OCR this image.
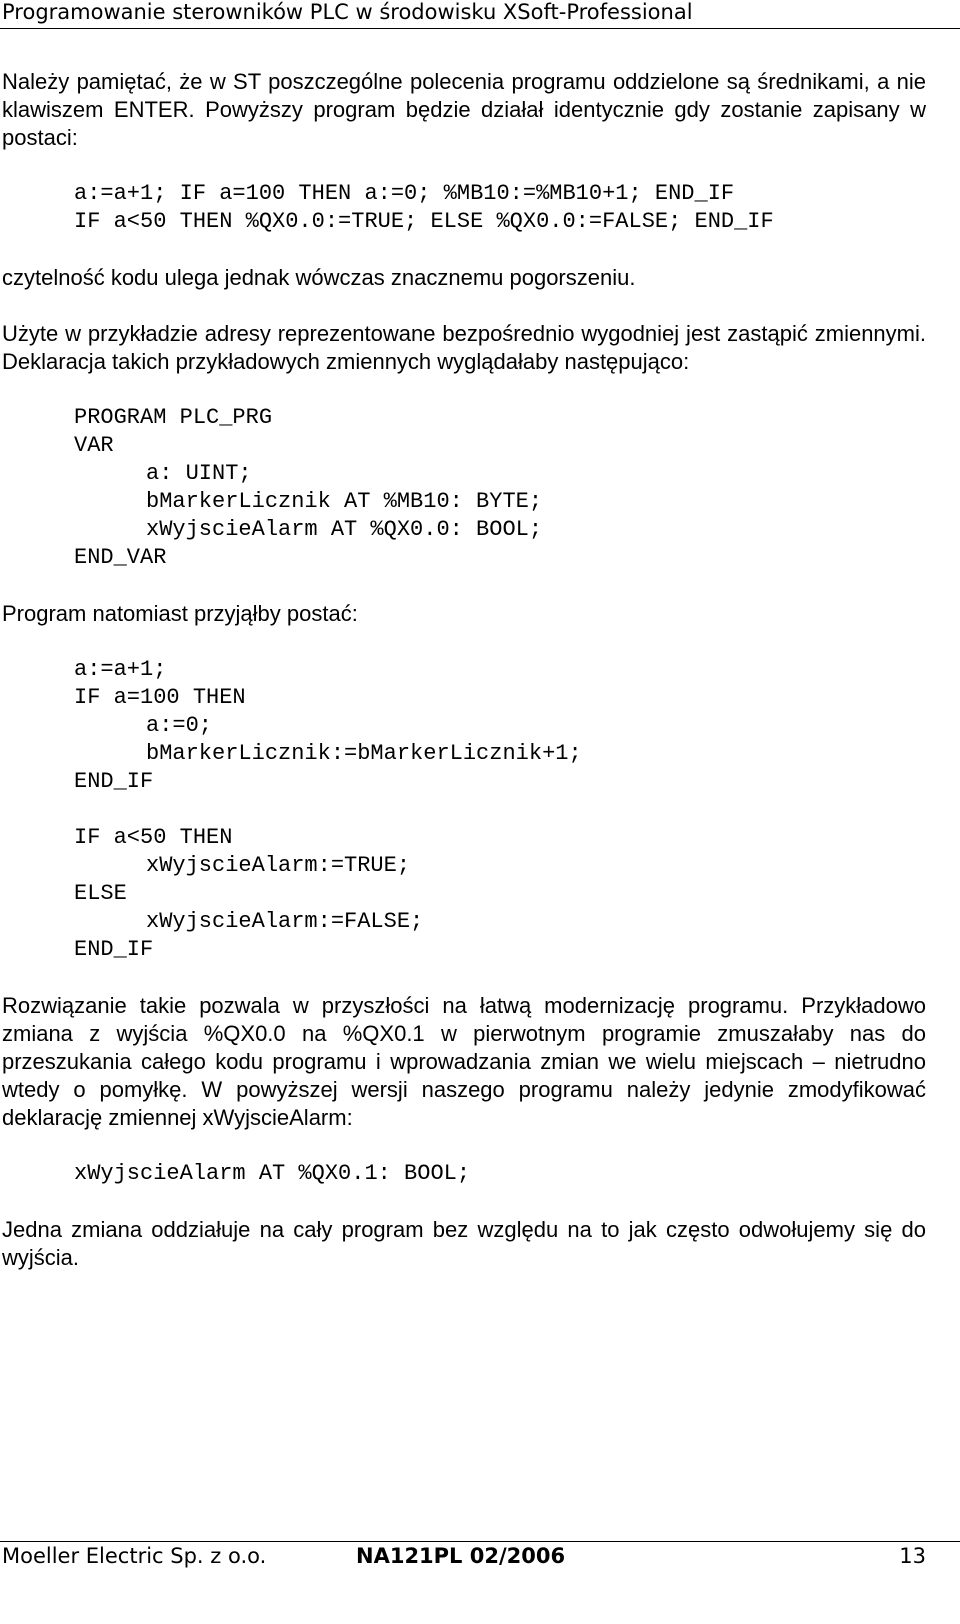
Programowanie sterowników PLC w środowisku XSoft-Professional

Należy pamiętać, że w ST poszczególne polecenia programu oddzielone są średnikami, a nie klawiszem ENTER. Powyższy program będzie działał identycznie gdy zostanie zapisany w postaci:

a:=a+1; IF a=100 THEN a:=0; %MB10:=%MB10+1; END_IF
IF a<50 THEN %QX0.0:=TRUE; ELSE %QX0.0:=FALSE; END_IF

czytelność kodu ulega jednak wówczas znacznemu pogorszeniu.

Użyte w przykładzie adresy reprezentowane bezpośrednio wygodniej jest zastąpić zmiennymi. Deklaracja takich przykładowych zmiennych wyglądałaby następująco:

PROGRAM PLC_PRG
VAR
a: UINT;
bMarkerLicznik AT %MB10: BYTE;
xWyjscieAlarm AT %QX0.0: BOOL;
END_VAR

Program natomiast przyjąłby postać:

a:=a+1;
IF a=100 THEN
a:=0;
bMarkerLicznik:=bMarkerLicznik+1;
END_IF
IF a<50 THEN
xWyjscieAlarm:=TRUE;
ELSE
xWyjscieAlarm:=FALSE;
END_IF

Rozwiązanie takie pozwala w przyszłości na łatwą modernizację programu. Przykładowo zmiana z wyjścia %QX0.0 na %QX0.1 w pierwotnym programie zmuszałaby nas do przeszukania całego kodu programu i wprowadzania zmian we wielu miejscach – nietrudno wtedy o pomyłkę. W powyższej wersji naszego programu należy jedynie zmodyfikować deklarację zmiennej xWyjscieAlarm:

xWyjscieAlarm AT %QX0.1: BOOL;

Jedna zmiana oddziałuje na cały program bez względu na to jak często odwołujemy się do wyjścia.

Moeller Electric Sp. z o.o.	NA121PL 02/2006	13
